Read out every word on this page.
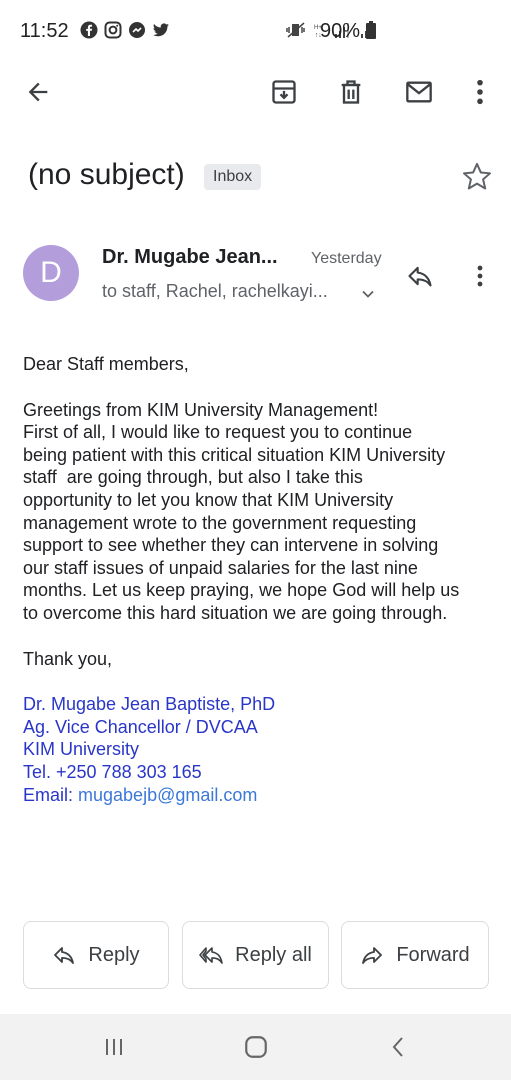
11:52	H+
↑↓
90%
(no subject)	Inbox
D	Dr. Mugabe Jean... Yesterday
to staff, Rachel, rachelkayi...

Dear Staff members,

Greetings from KIM University Management!

First of all, I would like to request you to continue

being patient with this critical situation KIM University

staff  are going through, but also I take this

opportunity to let you know that KIM University

management wrote to the government requesting

support to see whether they can intervene in solving

our staff issues of unpaid salaries for the last nine

months. Let us keep praying, we hope God will help us

to overcome this hard situation we are going through.

Thank you,

Dr. Mugabe Jean Baptiste, PhD

Ag. Vice Chancellor / DVCAA

KIM University

Tel. +250 788 303 165

Email: mugabejb@gmail.com

Reply	Reply all	Forward
